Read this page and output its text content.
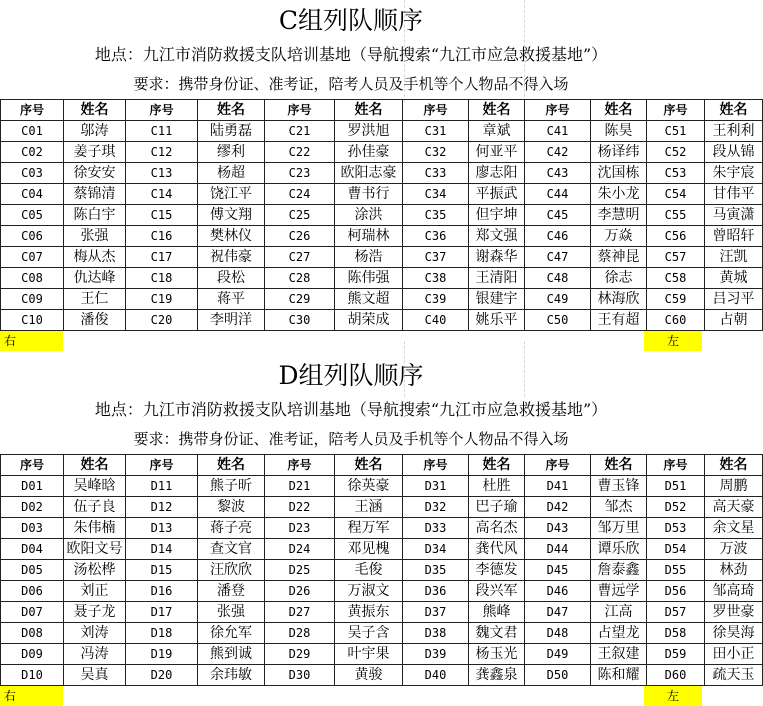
C组列队顺序
地点：九江市消防救援支队培训基地（导航搜索“九江市应急救援基地”）
要求：携带身份证、准考证，陪考人员及手机等个人物品不得入场
序号	姓名	序号	姓名	序号	姓名	序号	姓名	序号	姓名	序号	姓名
C01	邬涛	C11	陆勇磊	C21	罗洪旭	C31	章斌	C41	陈昊	C51	王利利
C02	姜子琪	C12	缪利	C22	孙佳豪	C32	何亚平	C42	杨译纬	C52	段从锦
C03	徐安安	C13	杨超	C23	欧阳志豪	C33	廖志阳	C43	沈国栋	C53	朱宇宸
C04	蔡锦清	C14	饶江平	C24	曹书行	C34	平振武	C44	朱小龙	C54	甘伟平
C05	陈白宇	C15	傅文翔	C25	涂洪	C35	但宇坤	C45	李慧明	C55	马寅潇
C06	张强	C16	樊林仪	C26	柯瑞林	C36	郑文强	C46	万焱	C56	曾昭轩
C07	梅从杰	C17	祝伟豪	C27	杨浩	C37	谢森华	C47	蔡神昆	C57	汪凯
C08	仇达峰	C18	段松	C28	陈伟强	C38	王清阳	C48	徐志	C58	黄城
C09	王仁	C19	蒋平	C29	熊文超	C39	银建宇	C49	林海欣	C59	吕习平
C10	潘俊	C20	李明洋	C30	胡荣成	C40	姚乐平	C50	王有超	C60	占朝
右	左
D组列队顺序
地点：九江市消防救援支队培训基地（导航搜索“九江市应急救援基地”）
要求：携带身份证、准考证，陪考人员及手机等个人物品不得入场
序号	姓名	序号	姓名	序号	姓名	序号	姓名	序号	姓名	序号	姓名
D01	吴峰晗	D11	熊子昕	D21	徐英豪	D31	杜胜	D41	曹玉锋	D51	周鹏
D02	伍子良	D12	黎波	D22	王涵	D32	巴子瑜	D42	邹杰	D52	高天豪
D03	朱伟楠	D13	蒋子亮	D23	程万军	D33	高名杰	D43	邹万里	D53	余文星
D04	欧阳文号	D14	查文官	D24	邓见槐	D34	龚代风	D44	谭乐欣	D54	万波
D05	汤松桦	D15	汪欣欣	D25	毛俊	D35	李德发	D45	詹泰鑫	D55	林劲
D06	刘正	D16	潘登	D26	万淑文	D36	段兴军	D46	曹远学	D56	邹高琦
D07	聂子龙	D17	张强	D27	黄振东	D37	熊峰	D47	江高	D57	罗世豪
D08	刘涛	D18	徐允军	D28	吴子含	D38	魏文君	D48	占望龙	D58	徐昊海
D09	冯涛	D19	熊到诚	D29	叶宇果	D39	杨玉光	D49	王叙建	D59	田小正
D10	吴真	D20	余玮敏	D30	黄骏	D40	龚鑫泉	D50	陈和耀	D60	疏天玉
右	左
